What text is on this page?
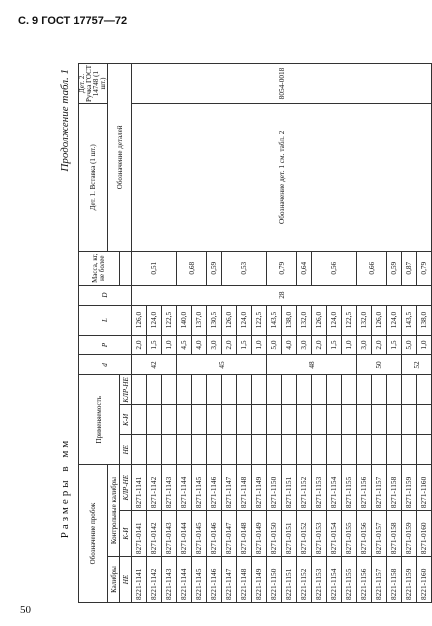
С. 9 ГОСТ 17757—72
50
Размеры в мм
Продолжение табл. 1
Обозначение пробок			Применяемость			d	P	L	D	Масса, кг, не более	Дет. 1. Вставка (1 шт.)	Дет. 2. Ручка ГОСТ 14748 (1 шт.)
Калибры	Контрольные калибры										Обозначение деталей	
НЕ	К-И	КЛР-НЕ	НЕ	К-И	КЛР-НЕ							

8221-1141	8271-0141	8271-1141				42	2,0	126,0	28	0,51	Обозначение дет. 1 см. табл. 2	8054-0018
8221-1142	8271-0142	8271-1142					1,5	124,0				
8221-1143	8271-0143	8271-1143					1,0	122,5				
8221-1144	8271-0144	8271-1144				45	4,5	140,0		0,68		
8221-1145	8271-0145	8271-1145					4,0	137,0				
8221-1146	8271-0146	8271-1146					3,0	130,5		0,59		
8221-1147	8271-0147	8271-1147					2,0	126,0		0,53		
8221-1148	8271-0148	8271-1148					1,5	124,0				
8221-1149	8271-0149	8271-1149					1,0	122,5				
8221-1150	8271-0150	8271-1150				48	5,0	143,5		0,79		
8221-1151	8271-0151	8271-1151					4,0	138,0				
8221-1152	8271-0152	8271-1152					3,0	132,0		0,64		
8221-1153	8271-0153	8271-1153					2,0	126,0		0,56		
8221-1154	8271-0154	8271-1154					1,5	124,0				
8221-1155	8271-0155	8271-1155					1,0	122,5				
8221-1156	8271-0156	8271-1156				50	3,0	132,0		0,66		
8221-1157	8271-0157	8271-1157					2,0	126,0				
8221-1158	8271-0158	8271-1158					1,5	124,0		0,59		
8221-1159	8271-0159	8271-1159				52	5,0	143,5		0,87		
8221-1160	8271-0160	8271-1160					1,0	138,0		0,79		
